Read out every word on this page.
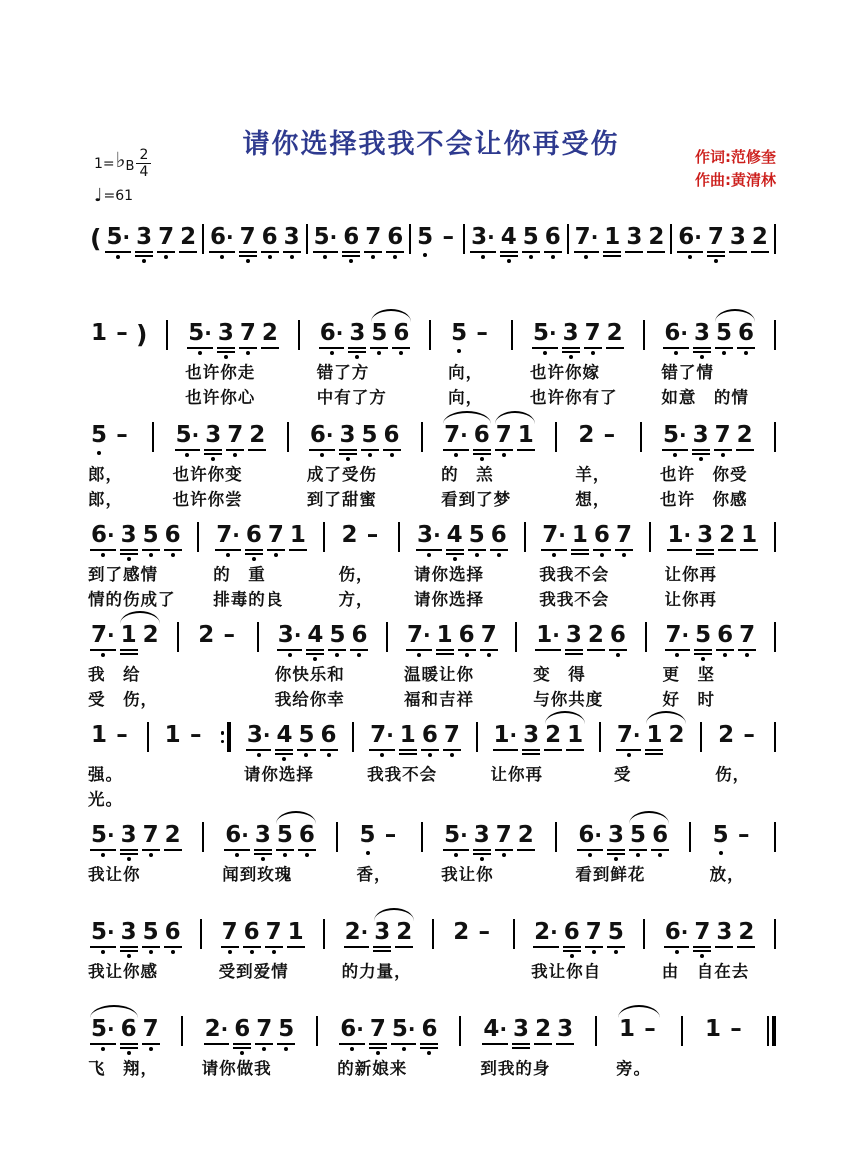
请你选择我我不会让你再受伤
1= ♭ B $\frac{2}{4}$
♩ =61
作词:范修奎
作曲:黄清林
( 5· 3 7 2 6· 7 6 3 5· 6 7 6 5 – 3· 4 5 6 7· 1 3 2 6· 7 3 2
1 – ) 5· 3 7 2
也许你走
也许你心
6· 3 5 6
错了方
中有了方
5 –
向，
向，
5· 3 7 2
也许你嫁
也许你有了
6· 3 5 6
错了情
如意　的情
5 –
郎，
郎，
5· 3 7 2
也许你变
也许你尝
6· 3 5 6
成了受伤
到了甜蜜
7· 6 7 1
的　羔
看到了梦
2 –
羊，
想，
5· 3 7 2
也许　你受
也许　你感
6· 3 5 6
到了感情
情的伤成了
7· 6 7 1
的　重
排毒的良
2 –
伤，
方，
3· 4 5 6
请你选择
请你选择
7· 1 6 7
我我不会
我我不会
1· 3 2 1
让你再
让你再
7· 1 2
我　给
受　伤，
2 – 3· 4 5 6
你快乐和
我给你幸
7· 1 6 7
温暖让你
福和吉祥
1· 3 2 6
变　得
与你共度
7· 5 6 7
更　坚
好　时
1 –
强。
光。
1 – 3· 4 5 6
请你选择
7· 1 6 7
我我不会
1· 3 2 1
让你再
7· 1 2
受
2 –
伤，
5· 3 7 2
我让你
6· 3 5 6
闻到玫瑰
5 –
香，
5· 3 7 2
我让你
6· 3 5 6
看到鲜花
5 –
放，
5· 3 5 6
我让你感
7 6 7 1
受到爱情
2· 3 2
的力量，
2 – 2· 6 7 5
我让你自
6· 7 3 2
由　自在去
5· 6 7
飞　翔，
2· 6 7 5
请你做我
6· 7 5· 6
的新娘来
4· 3 2 3
到我的身
1 –
旁。
1 –
